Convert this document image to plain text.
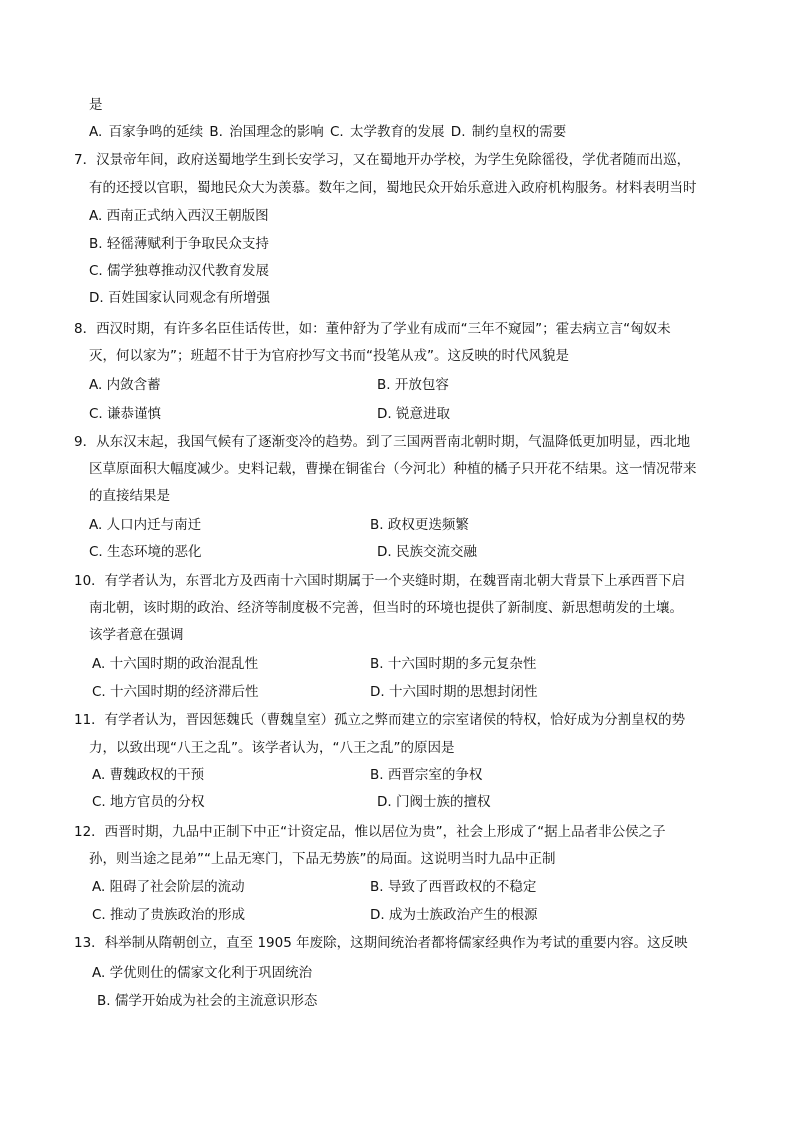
是
A. 百家争鸣的延续 B. 治国理念的影响 C. 太学教育的发展 D. 制约皇权的需要
7．汉景帝年间，政府送蜀地学生到长安学习，又在蜀地开办学校，为学生免除徭役，学优者随而出巡，
有的还授以官职，蜀地民众大为羡慕。数年之间，蜀地民众开始乐意进入政府机构服务。材料表明当时
A. 西南正式纳入西汉王朝版图
B. 轻徭薄赋利于争取民众支持
C. 儒学独尊推动汉代教育发展
D. 百姓国家认同观念有所增强
8．西汉时期，有许多名臣佳话传世，如：董仲舒为了学业有成而“三年不窥园”；霍去病立言“匈奴未
灭，何以家为”；班超不甘于为官府抄写文书而“投笔从戎”。这反映的时代风貌是
A. 内敛含蓄	B. 开放包容
C. 谦恭谨慎	D. 锐意进取
9．从东汉末起，我国气候有了逐渐变冷的趋势。到了三国两晋南北朝时期，气温降低更加明显，西北地
区草原面积大幅度减少。史料记载，曹操在铜雀台（今河北）种植的橘子只开花不结果。这一情况带来
的直接结果是
A. 人口内迁与南迁	B. 政权更迭频繁
C. 生态环境的恶化	D. 民族交流交融
10．有学者认为，东晋北方及西南十六国时期属于一个夹缝时期，在魏晋南北朝大背景下上承西晋下启
南北朝，该时期的政治、经济等制度极不完善，但当时的环境也提供了新制度、新思想萌发的土壤。
该学者意在强调
A. 十六国时期的政治混乱性	B. 十六国时期的多元复杂性
C. 十六国时期的经济滞后性	D. 十六国时期的思想封闭性
11．有学者认为，晋因惩魏氏（曹魏皇室）孤立之弊而建立的宗室诸侯的特权，恰好成为分割皇权的势
力，以致出现“八王之乱”。该学者认为，“八王之乱”的原因是
A. 曹魏政权的干预	B. 西晋宗室的争权
C. 地方官员的分权	D. 门阀士族的擅权
12．西晋时期，九品中正制下中正“计资定品，惟以居位为贵”，社会上形成了“据上品者非公侯之子
孙，则当途之昆弟”“上品无寒门，下品无势族”的局面。这说明当时九品中正制
A. 阻碍了社会阶层的流动	B. 导致了西晋政权的不稳定
C. 推动了贵族政治的形成	D. 成为士族政治产生的根源
13．科举制从隋朝创立，直至 1905 年废除，这期间统治者都将儒家经典作为考试的重要内容。这反映
A. 学优则仕的儒家文化利于巩固统治
B. 儒学开始成为社会的主流意识形态
